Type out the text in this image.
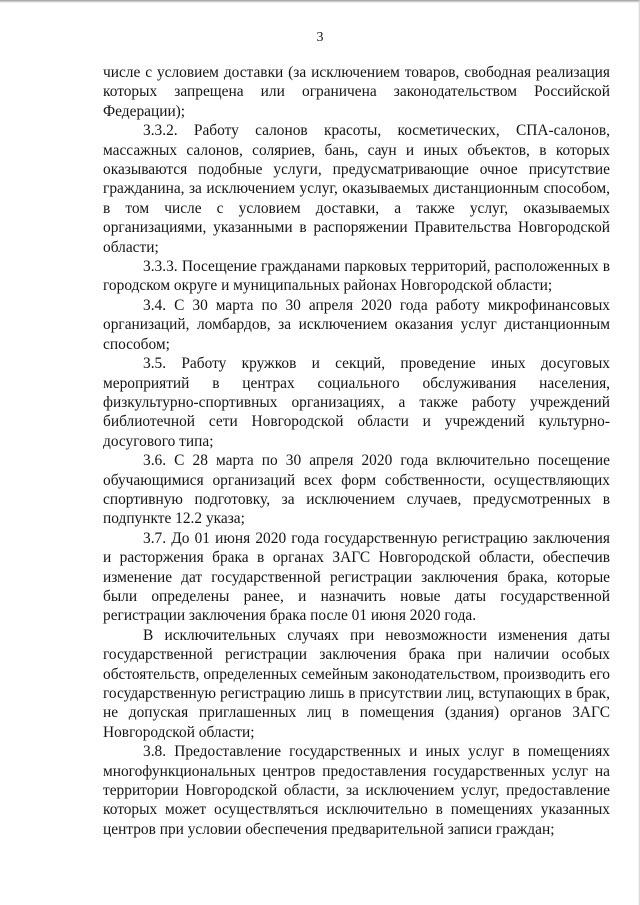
3

числе с условием доставки (за исключением товаров, свободная реализация которых запрещена или ограничена законодательством Российской Федерации);

3.3.2. Работу салонов красоты, косметических, СПА-салонов, массажных салонов, соляриев, бань, саун и иных объектов, в которых оказываются подобные услуги, предусматривающие очное присутствие гражданина, за исключением услуг, оказываемых дистанционным способом, в том числе с условием доставки, а также услуг, оказываемых организациями, указанными в распоряжении Правительства Новгородской области;

3.3.3. Посещение гражданами парковых территорий, расположенных в городском округе и муниципальных районах Новгородской области;

3.4. С 30 марта по 30 апреля 2020 года работу микрофинансовых организаций, ломбардов, за исключением оказания услуг дистанционным способом;

3.5. Работу кружков и секций, проведение иных досуговых мероприятий в центрах социального обслуживания населения, физкультурно-спортивных организациях, а также работу учреждений библиотечной сети Новгородской области и учреждений культурно-досугового типа;

3.6. С 28 марта по 30 апреля 2020 года включительно посещение обучающимися организаций всех форм собственности, осуществляющих спортивную подготовку, за исключением случаев, предусмотренных в подпункте 12.2 указа;

3.7. До 01 июня 2020 года государственную регистрацию заключения и расторжения брака в органах ЗАГС Новгородской области, обеспечив изменение дат государственной регистрации заключения брака, которые были определены ранее, и назначить новые даты государственной регистрации заключения брака после 01 июня 2020 года.

В исключительных случаях при невозможности изменения даты государственной регистрации заключения брака при наличии особых обстоятельств, определенных семейным законодательством, производить его государственную регистрацию лишь в присутствии лиц, вступающих в брак, не допуская приглашенных лиц в помещения (здания) органов ЗАГС Новгородской области;

3.8. Предоставление государственных и иных услуг в помещениях многофункциональных центров предоставления государственных услуг на территории Новгородской области, за исключением услуг, предоставление которых может осуществляться исключительно в помещениях указанных центров при условии обеспечения предварительной записи граждан;
